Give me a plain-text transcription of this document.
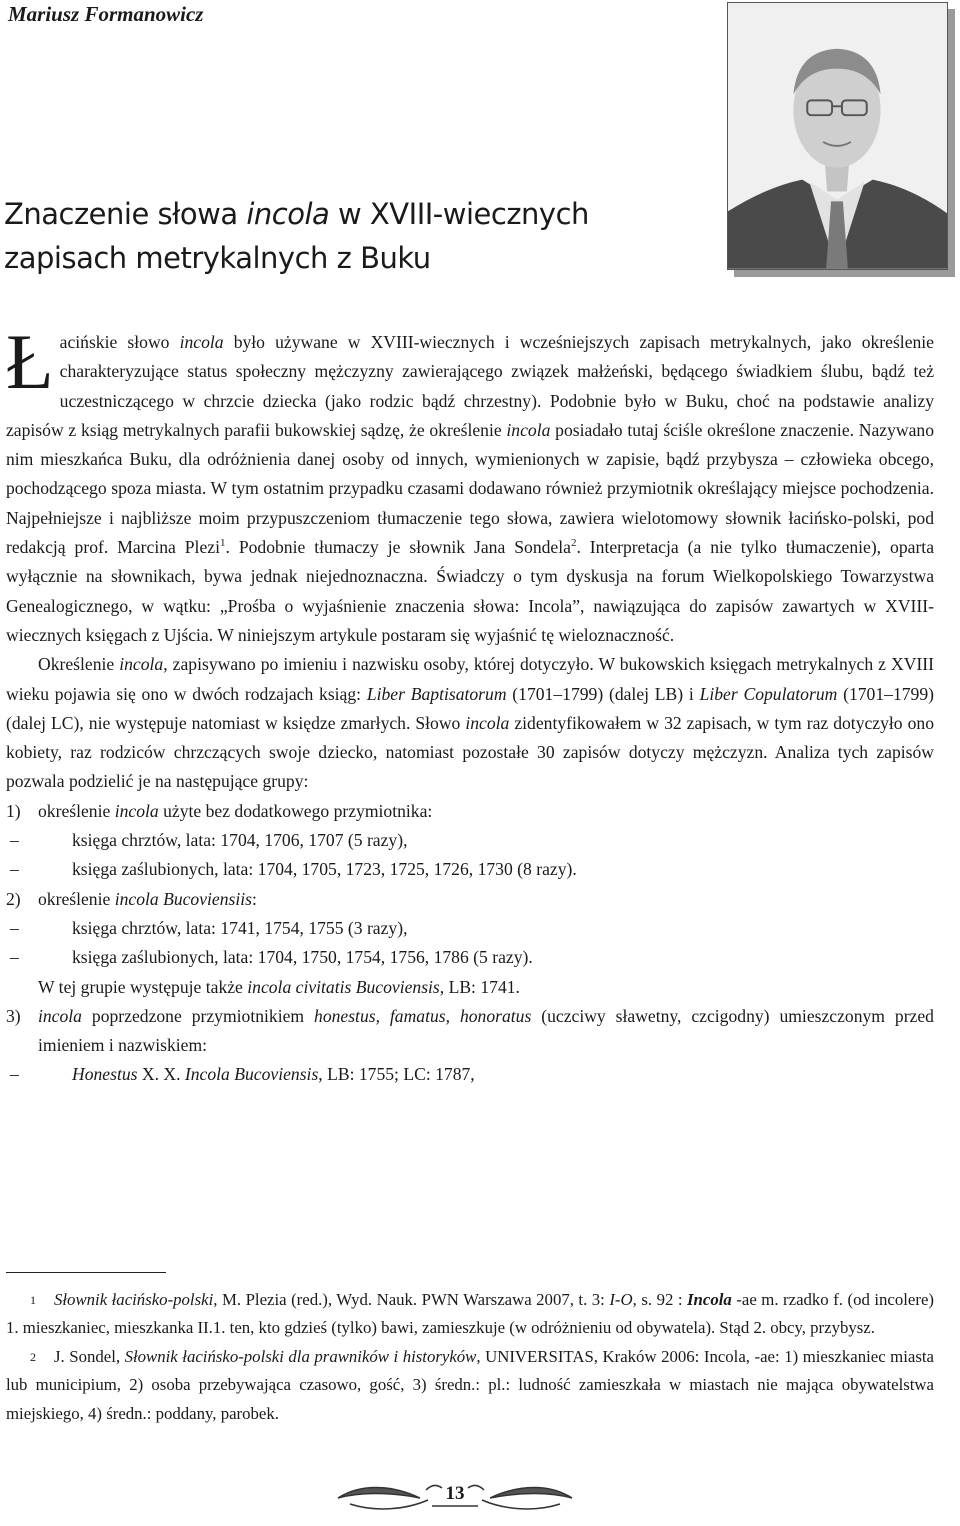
Mariusz Formanowicz
Znaczenie słowa incola w XVIII-wiecznych
zapisach metrykalnych z Buku

Łacińskie słowo incola było używane w XVIII-wiecznych i wcześniejszych zapisach metrykalnych, jako określenie charakteryzujące status społeczny mężczyzny zawierającego związek małżeński, będącego świadkiem ślubu, bądź też uczestniczącego w chrzcie dziecka (jako rodzic bądź chrzestny). Podobnie było w Buku, choć na podstawie analizy zapisów z ksiąg metrykalnych parafii bukowskiej sądzę, że określenie incola posiadało tutaj ściśle określone znaczenie. Nazywano nim mieszkańca Buku, dla odróżnienia danej osoby od innych, wymienionych w zapisie, bądź przybysza – człowieka obcego, pochodzącego spoza miasta. W tym ostatnim przypadku czasami dodawano również przymiotnik określający miejsce pochodzenia. Najpełniejsze i najbliższe moim przypuszczeniom tłumaczenie tego słowa, zawiera wielotomowy słownik łacińsko-polski, pod redakcją prof. Marcina Plezi$^1$. Podobnie tłumaczy je słownik Jana Sondela$^2$. Interpretacja (a nie tylko tłumaczenie), oparta wyłącznie na słownikach, bywa jednak niejednoznaczna. Świadczy o tym dyskusja na forum Wielkopolskiego Towarzystwa Genealogicznego, w wątku: „Prośba o wyjaśnienie znaczenia słowa: Incola”, nawiązująca do zapisów zawartych w XVIII-wiecznych księgach z Ujścia. W niniejszym artykule postaram się wyjaśnić tę wieloznaczność.

Określenie incola, zapisywano po imieniu i nazwisku osoby, której dotyczyło. W bukowskich księgach metrykalnych z XVIII wieku pojawia się ono w dwóch rodzajach ksiąg: Liber Baptisatorum (1701–1799) (dalej LB) i Liber Copulatorum (1701–1799) (dalej LC), nie występuje natomiast w księdze zmarłych. Słowo incola zidentyfikowałem w 32 zapisach, w tym raz dotyczyło ono kobiety, raz rodziców chrzczących swoje dziecko, natomiast pozostałe 30 zapisów dotyczy mężczyzn. Analiza tych zapisów pozwala podzielić je na następujące grupy:

1) określenie incola użyte bez dodatkowego przymiotnika:
–	księga chrztów, lata: 1704, 1706, 1707 (5 razy),
–	księga zaślubionych, lata: 1704, 1705, 1723, 1725, 1726, 1730 (8 razy).
2) określenie incola Bucoviensiis:
–	księga chrztów, lata: 1741, 1754, 1755 (3 razy),
–	księga zaślubionych, lata: 1704, 1750, 1754, 1756, 1786 (5 razy).

W tej grupie występuje także incola civitatis Bucoviensis, LB: 1741.

3) incola poprzedzone przymiotnikiem honestus, famatus, honoratus (uczciwy sławetny, czcigodny) umieszczonym przed imieniem i nazwiskiem:
–	Honestus X. X. Incola Bucoviensis, LB: 1755; LC: 1787,

$^1$ Słownik łacińsko-polski, M. Plezia (red.), Wyd. Nauk. PWN Warszawa 2007, t. 3: I-O, s. 92 : Incola -ae m. rzadko f. (od incolere) 1. mieszkaniec, mieszkanka II.1. ten, kto gdzieś (tylko) bawi, zamieszkuje (w odróżnieniu od obywatela). Stąd 2. obcy, przybysz.

$^2$ J. Sondel, Słownik łacińsko-polski dla prawników i historyków, UNIVERSITAS, Kraków 2006: Incola, -ae: 1) mieszkaniec miasta lub municipium, 2) osoba przebywająca czasowo, gość, 3) średn.: pl.: ludność zamieszkała w miastach nie mająca obywatelstwa miejskiego, 4) średn.: poddany, parobek.

13
